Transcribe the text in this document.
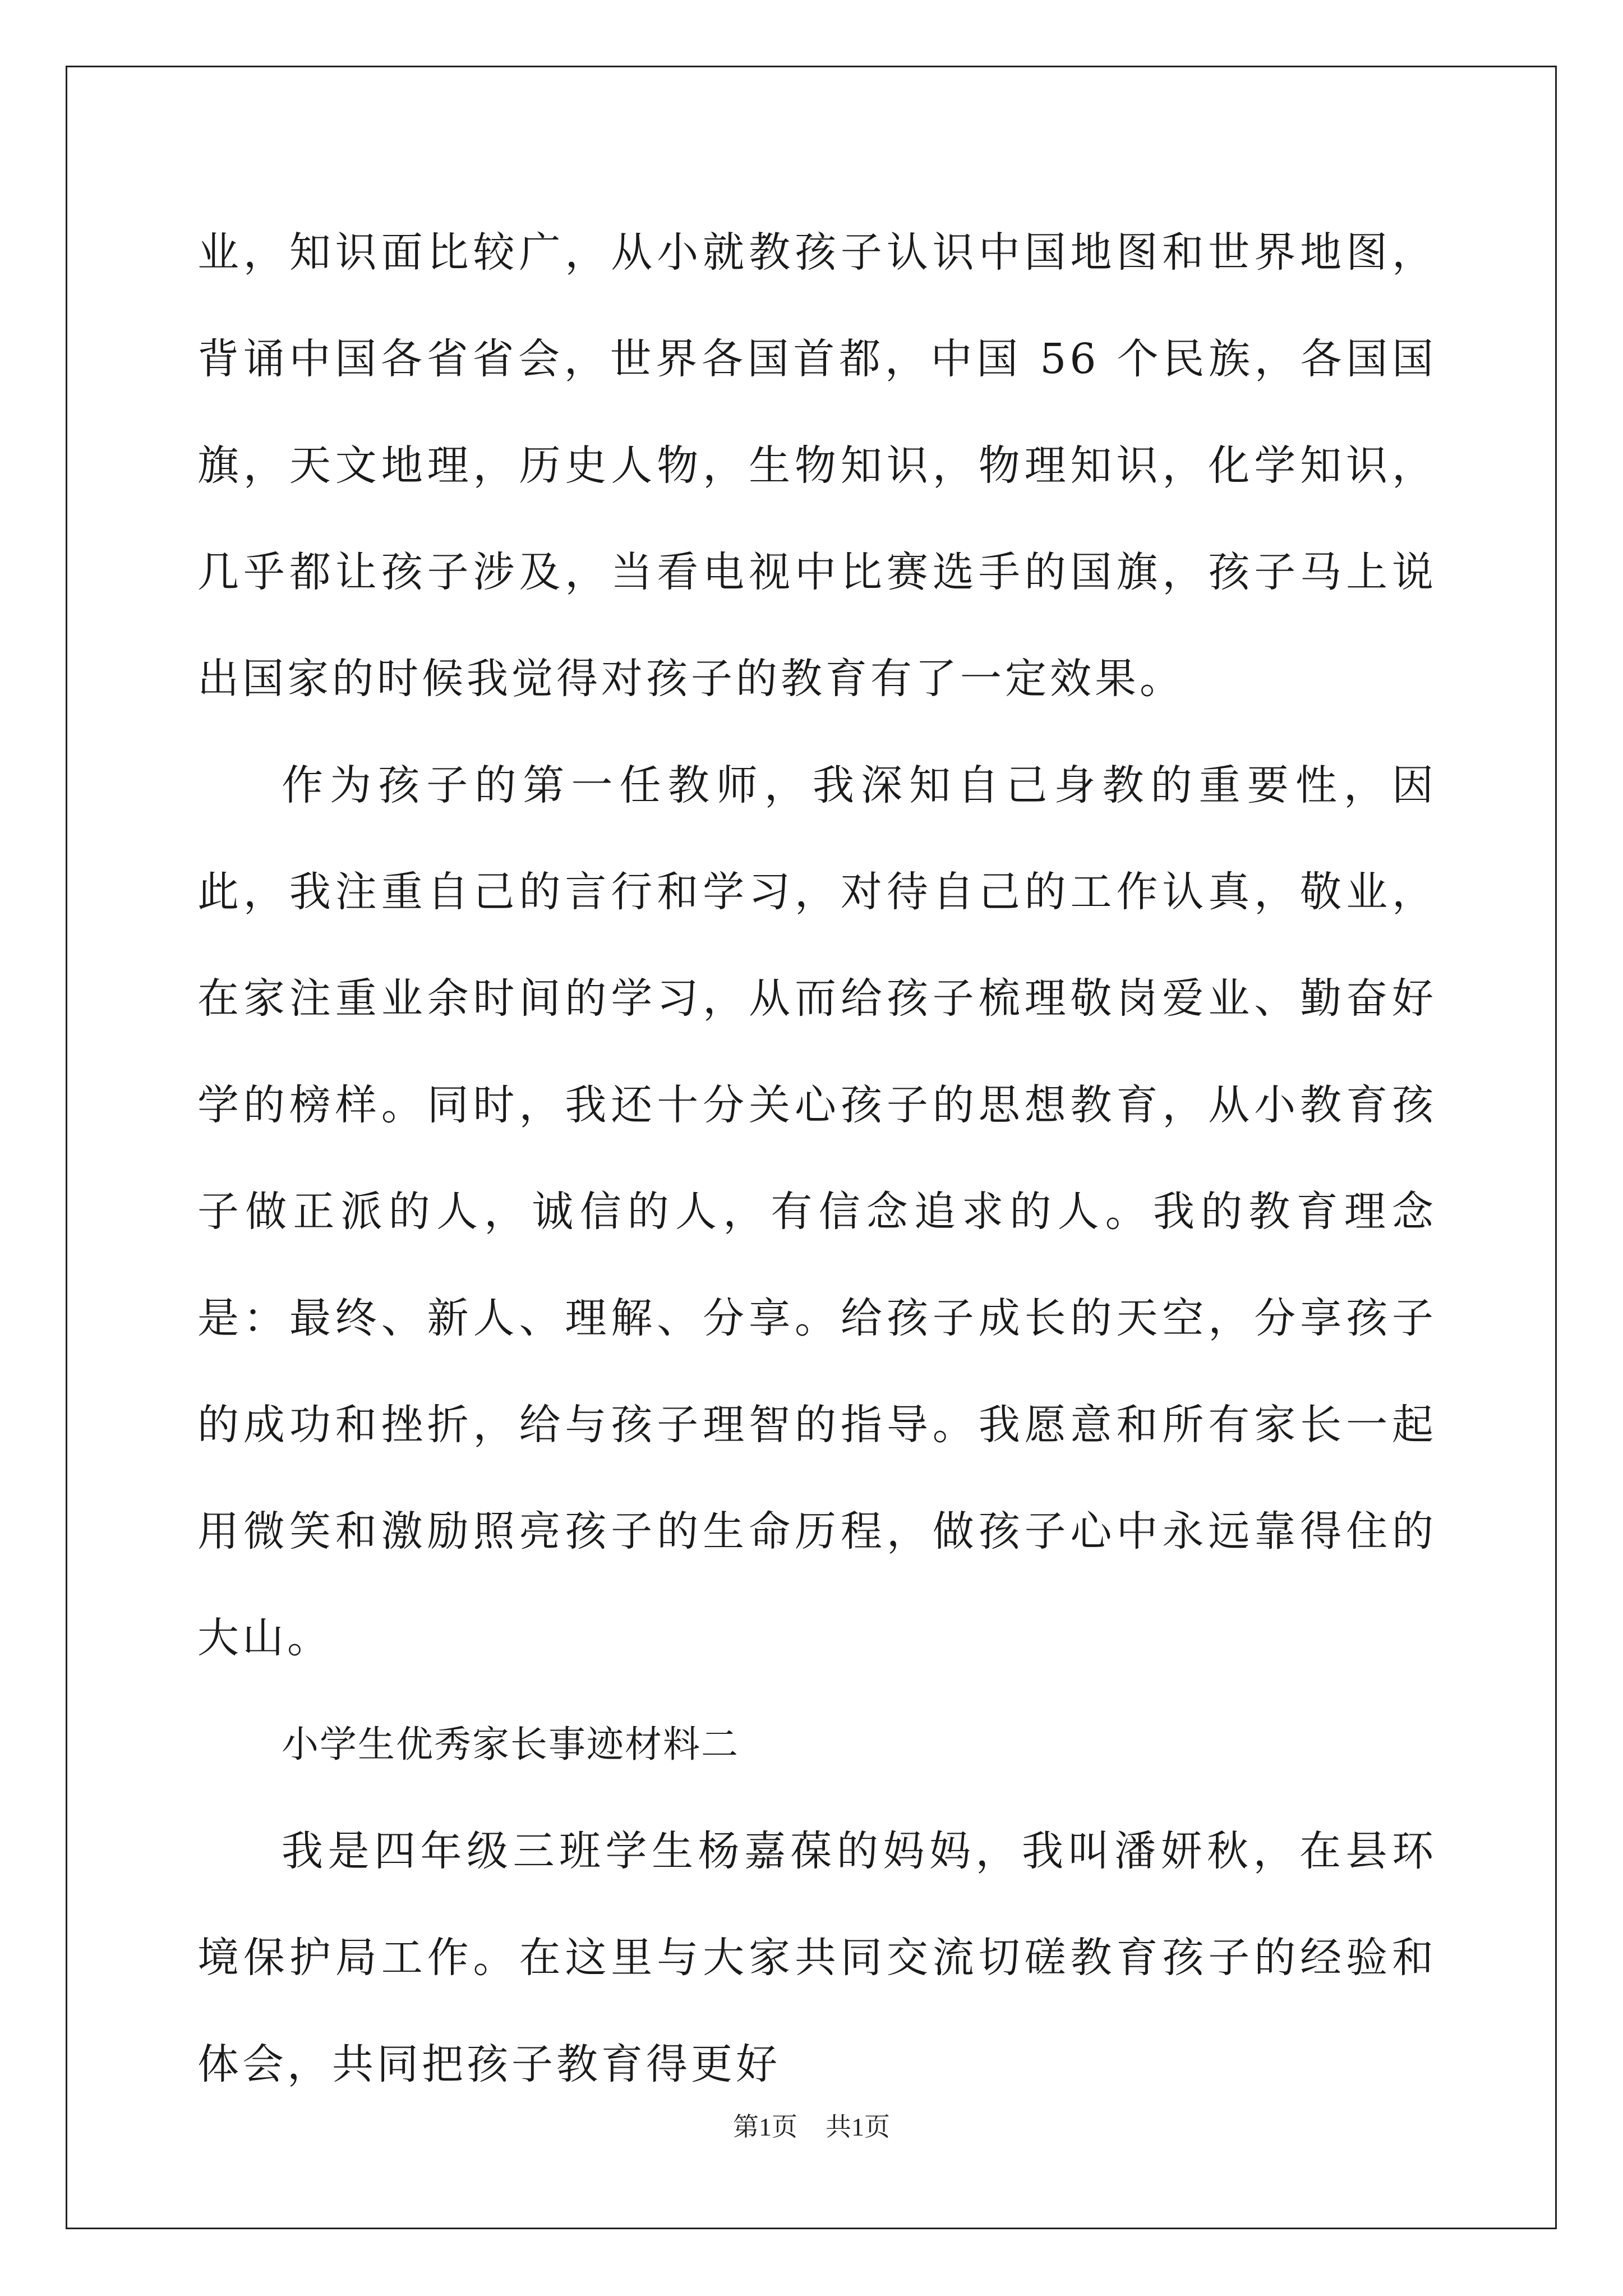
业，知识面比较广，从小就教孩子认识中国地图和世界地图，背诵中国各省省会，世界各国首都，中国 56 个民族，各国国旗，天文地理，历史人物，生物知识，物理知识，化学知识，几乎都让孩子涉及，当看电视中比赛选手的国旗，孩子马上说出国家的时候我觉得对孩子的教育有了一定效果。

作为孩子的第一任教师，我深知自己身教的重要性，因此，我注重自己的言行和学习，对待自己的工作认真，敬业，在家注重业余时间的学习，从而给孩子梳理敬岗爱业、勤奋好学的榜样。同时，我还十分关心孩子的思想教育，从小教育孩子做正派的人，诚信的人，有信念追求的人。我的教育理念是：最终、新人、理解、分享。给孩子成长的天空，分享孩子的成功和挫折，给与孩子理智的指导。我愿意和所有家长一起用微笑和激励照亮孩子的生命历程，做孩子心中永远靠得住的大山。

小学生优秀家长事迹材料二

我是四年级三班学生杨嘉葆的妈妈，我叫潘妍秋，在县环境保护局工作。在这里与大家共同交流切磋教育孩子的经验和体会，共同把孩子教育得更好

第1页 共1页
